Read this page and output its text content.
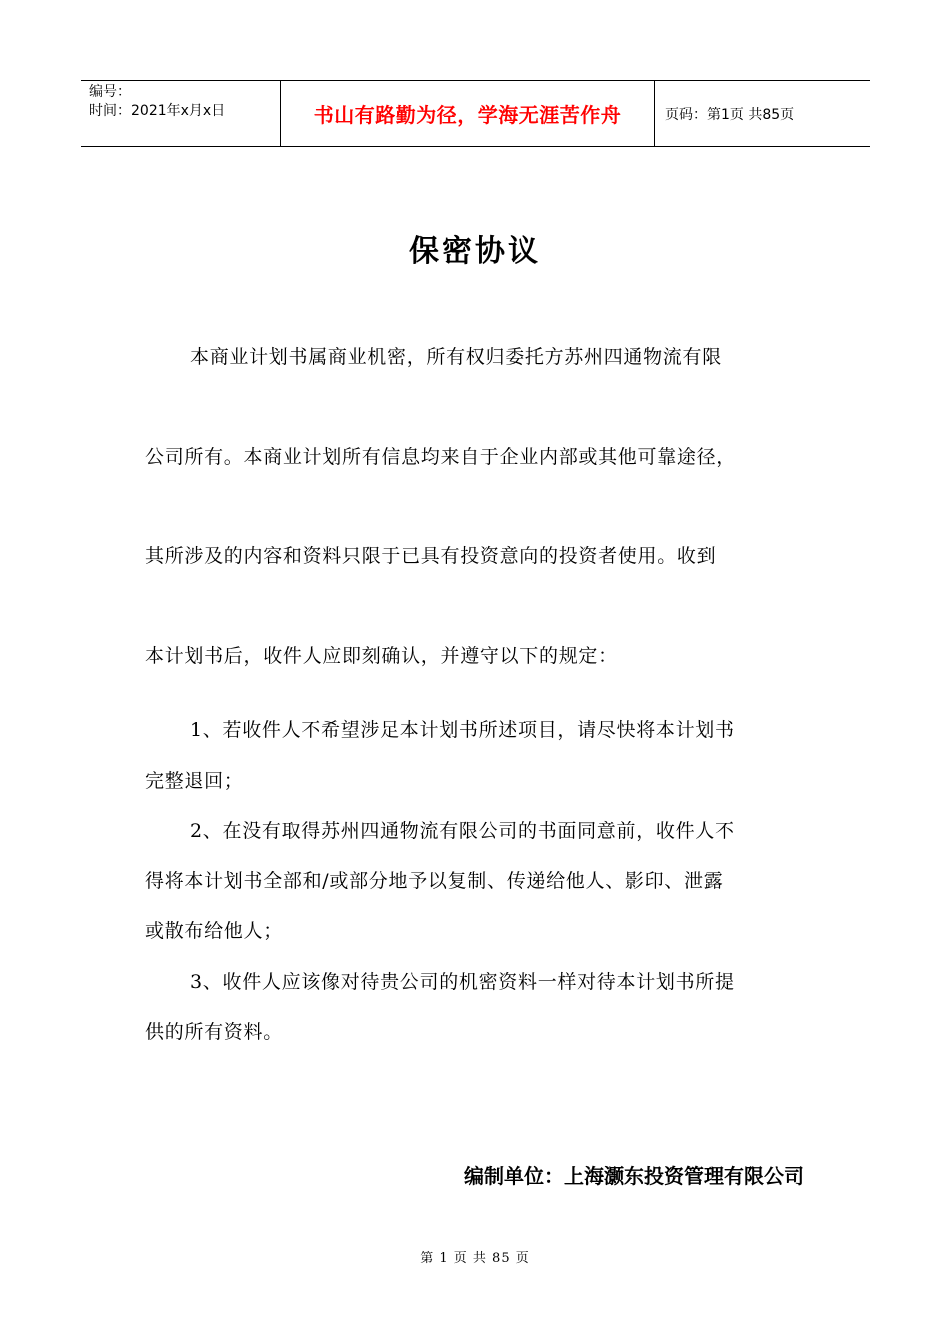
编号：
时间：2021年x月x日	书山有路勤为径，学海无涯苦作舟	页码：第1页 共85页
保密协议
本商业计划书属商业机密，所有权归委托方苏州四通物流有限
公司所有。本商业计划所有信息均来自于企业内部或其他可靠途径，
其所涉及的内容和资料只限于已具有投资意向的投资者使用。收到
本计划书后，收件人应即刻确认，并遵守以下的规定：
1、若收件人不希望涉足本计划书所述项目，请尽快将本计划书
完整退回；
2、在没有取得苏州四通物流有限公司的书面同意前，收件人不
得将本计划书全部和/或部分地予以复制、传递给他人、影印、泄露
或散布给他人；
3、收件人应该像对待贵公司的机密资料一样对待本计划书所提
供的所有资料。
编制单位：上海灏东投资管理有限公司
第 1 页 共 85 页
